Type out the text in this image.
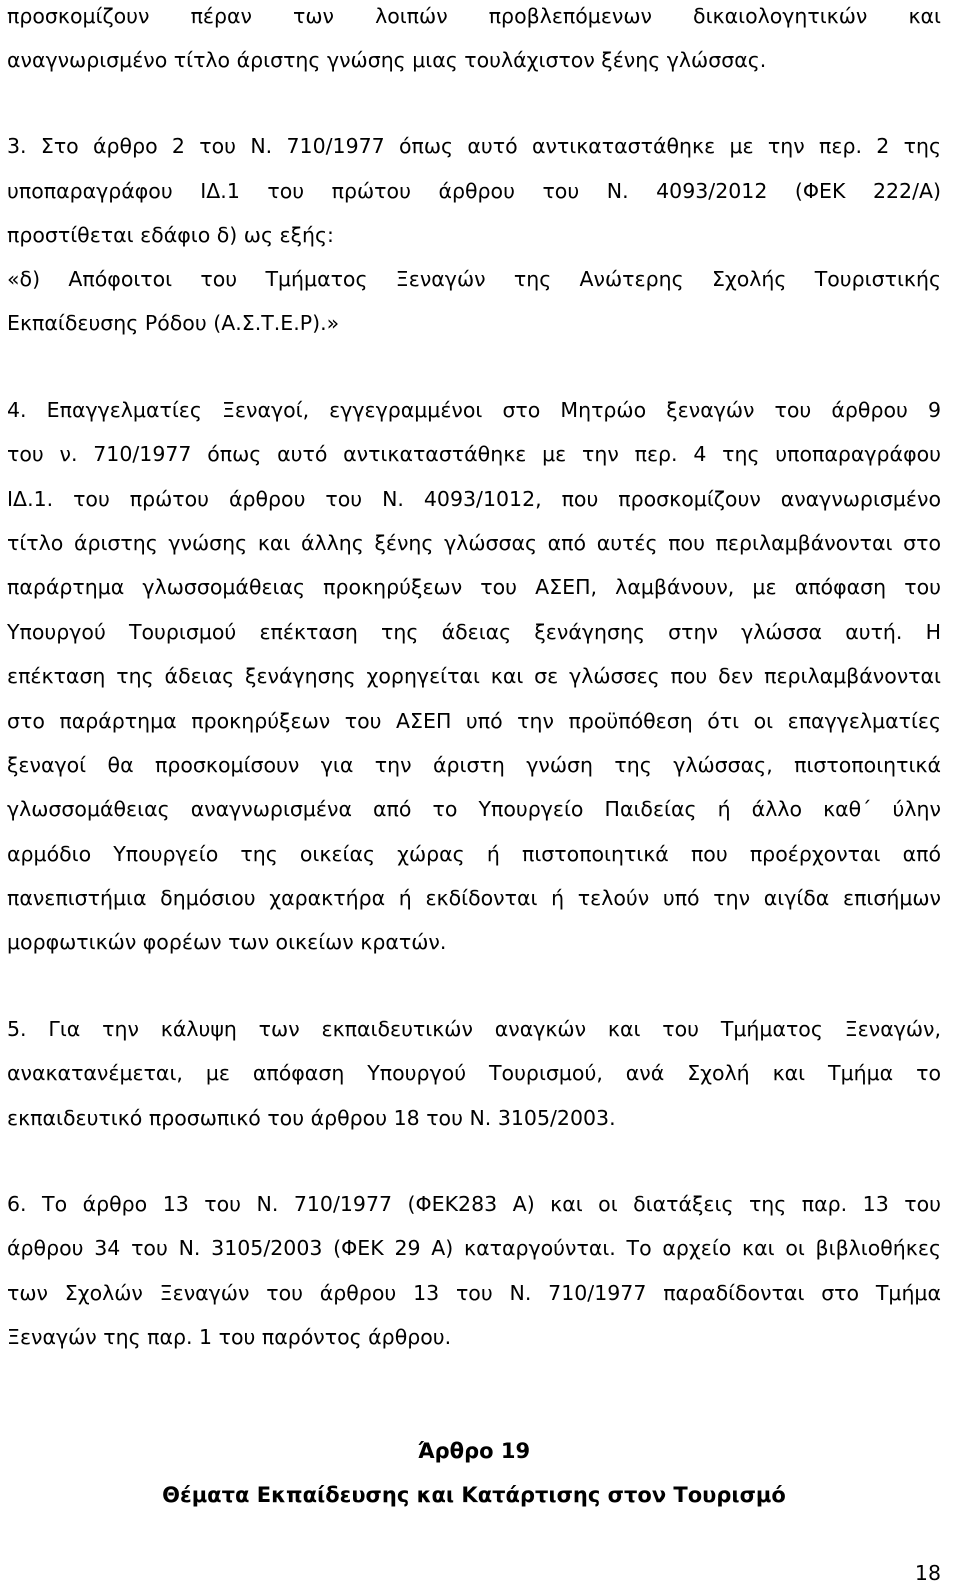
προσκομίζουν πέραν των λοιπών προβλεπόμενων δικαιολογητικών και
αναγνωρισμένο τίτλο άριστης γνώσης μιας τουλάχιστον ξένης γλώσσας.
3. Στο άρθρο 2 του Ν. 710/1977 όπως αυτό αντικαταστάθηκε με την περ. 2 της
υποπαραγράφου ΙΔ.1 του πρώτου άρθρου του Ν. 4093/2012 (ΦΕΚ 222/Α)
προστίθεται εδάφιο δ) ως εξής:
«δ) Απόφοιτοι του Τμήματος Ξεναγών της Ανώτερης Σχολής Τουριστικής
Εκπαίδευσης Ρόδου (Α.Σ.Τ.Ε.Ρ).»
4. Επαγγελματίες Ξεναγοί, εγγεγραμμένοι στο Μητρώο ξεναγών του άρθρου 9
του ν. 710/1977 όπως αυτό αντικαταστάθηκε με την περ. 4 της υποπαραγράφου
ΙΔ.1. του πρώτου άρθρου του Ν. 4093/1012, που προσκομίζουν αναγνωρισμένο
τίτλο άριστης γνώσης και άλλης ξένης γλώσσας από αυτές που περιλαμβάνονται στο
παράρτημα γλωσσομάθειας προκηρύξεων του ΑΣΕΠ, λαμβάνουν, με απόφαση του
Υπουργού Τουρισμού επέκταση της άδειας ξενάγησης στην γλώσσα αυτή. Η
επέκταση της άδειας ξενάγησης χορηγείται και σε γλώσσες που δεν περιλαμβάνονται
στο παράρτημα προκηρύξεων του ΑΣΕΠ υπό την προϋπόθεση ότι οι επαγγελματίες
ξεναγοί θα προσκομίσουν για την άριστη γνώση της γλώσσας, πιστοποιητικά
γλωσσομάθειας αναγνωρισμένα από το Υπουργείο Παιδείας ή άλλο καθ΄ ύλην
αρμόδιο Υπουργείο της οικείας χώρας ή πιστοποιητικά που προέρχονται από
πανεπιστήμια δημόσιου χαρακτήρα ή εκδίδονται ή τελούν υπό την αιγίδα επισήμων
μορφωτικών φορέων των οικείων κρατών.
5. Για την κάλυψη των εκπαιδευτικών αναγκών και του Τμήματος Ξεναγών,
ανακατανέμεται, με απόφαση Υπουργού Τουρισμού, ανά Σχολή και Τμήμα το
εκπαιδευτικό προσωπικό του άρθρου 18 του Ν. 3105/2003.
6. Το άρθρο 13 του Ν. 710/1977 (ΦΕΚ283 Α) και οι διατάξεις της παρ. 13 του
άρθρου 34 του Ν. 3105/2003 (ΦΕΚ 29 Α) καταργούνται. Το αρχείο και οι βιβλιοθήκες
των Σχολών Ξεναγών του άρθρου 13 του Ν. 710/1977 παραδίδονται στο Τμήμα
Ξεναγών της παρ. 1 του παρόντος άρθρου.
Άρθρο 19
Θέματα Εκπαίδευσης και Κατάρτισης στον Τουρισμό
18
